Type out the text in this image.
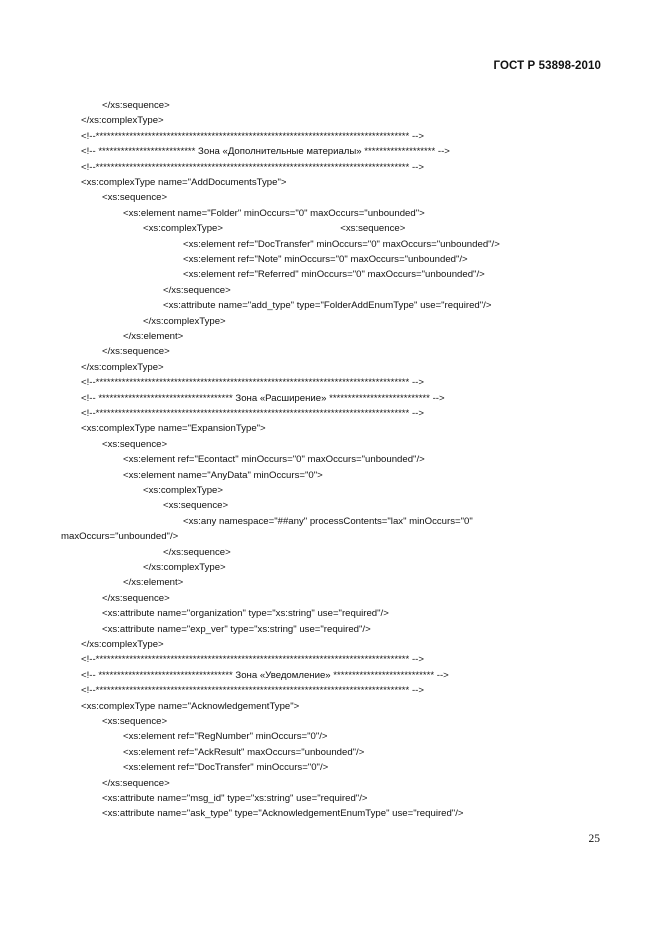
ГОСТ Р 53898-2010
</xs:sequence>
</xs:complexType>
<!--************************************************************************************ -->
<!-- ************************** Зона «Дополнительные материалы» ******************* -->
<!--************************************************************************************ -->
<xs:complexType name="AddDocumentsType">
<xs:sequence>
<xs:element name="Folder" minOccurs="0" maxOccurs="unbounded">
<xs:complexType>                                            <xs:sequence>
<xs:element ref="DocTransfer" minOccurs="0" maxOccurs="unbounded"/>
<xs:element ref="Note" minOccurs="0" maxOccurs="unbounded"/>
<xs:element ref="Referred" minOccurs="0" maxOccurs="unbounded"/>
</xs:sequence>
<xs:attribute name="add_type" type="FolderAddEnumType" use="required"/>
</xs:complexType>
</xs:element>
</xs:sequence>
</xs:complexType>
<!--************************************************************************************ -->
<!-- ************************************ Зона «Расширение» *************************** -->
<!--************************************************************************************ -->
<xs:complexType name="ExpansionType">
<xs:sequence>
<xs:element ref="Econtact" minOccurs="0" maxOccurs="unbounded"/>
<xs:element name="AnyData" minOccurs="0">
<xs:complexType>
<xs:sequence>
<xs:any namespace="##any" processContents="lax" minOccurs="0"
maxOccurs="unbounded"/>
</xs:sequence>
</xs:complexType>
</xs:element>
</xs:sequence>
<xs:attribute name="organization" type="xs:string" use="required"/>
<xs:attribute name="exp_ver" type="xs:string" use="required"/>
</xs:complexType>
<!--************************************************************************************ -->
<!-- ************************************ Зона «Уведомление» *************************** -->
<!--************************************************************************************ -->
<xs:complexType name="AcknowledgementType">
<xs:sequence>
<xs:element ref="RegNumber" minOccurs="0"/>
<xs:element ref="AckResult" maxOccurs="unbounded"/>
<xs:element ref="DocTransfer" minOccurs="0"/>
</xs:sequence>
<xs:attribute name="msg_id" type="xs:string" use="required"/>
<xs:attribute name="ask_type" type="AcknowledgementEnumType" use="required"/>
25
